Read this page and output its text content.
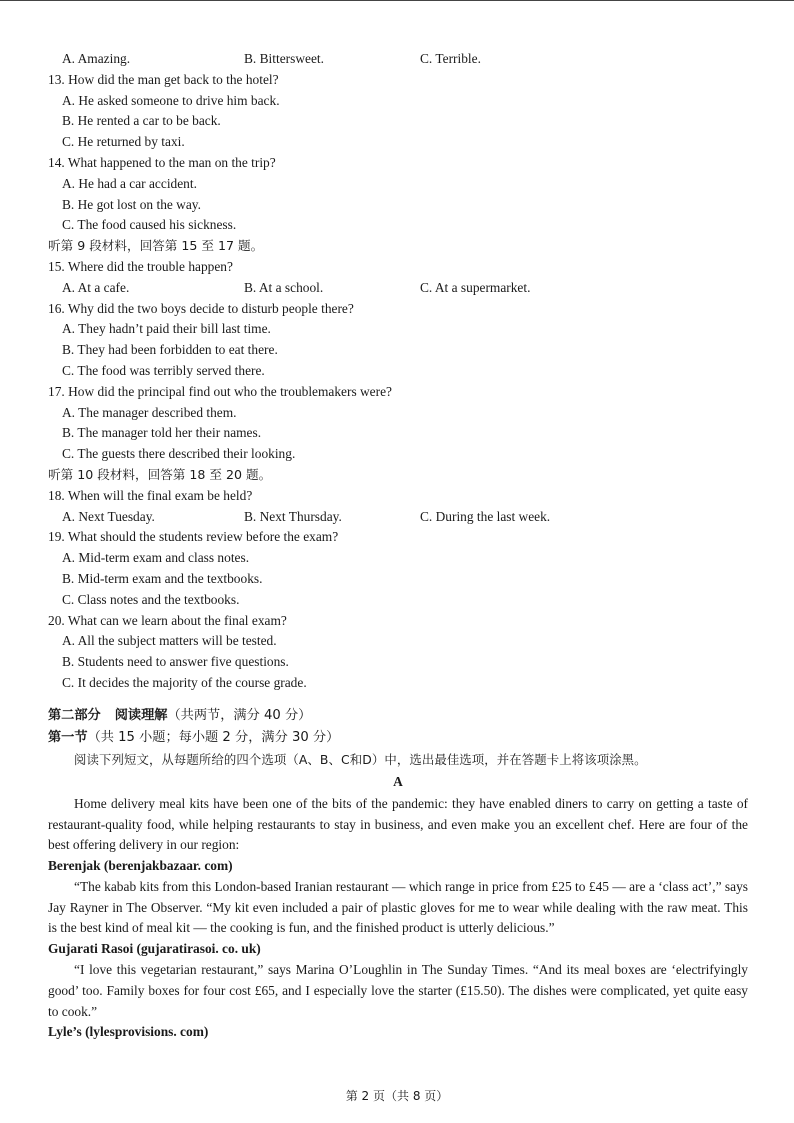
A. Amazing.	B. Bittersweet.	C. Terrible.
13. How did the man get back to the hotel?
A. He asked someone to drive him back.
B. He rented a car to be back.
C. He returned by taxi.
14. What happened to the man on the trip?
A. He had a car accident.
B. He got lost on the way.
C. The food caused his sickness.
听第 9 段材料，回答第 15 至 17 题。
15. Where did the trouble happen?
A. At a cafe.	B. At a school.	C. At a supermarket.
16. Why did the two boys decide to disturb people there?
A. They hadn’t paid their bill last time.
B. They had been forbidden to eat there.
C. The food was terribly served there.
17. How did the principal find out who the troublemakers were?
A. The manager described them.
B. The manager told her their names.
C. The guests there described their looking.
听第 10 段材料，回答第 18 至 20 题。
18. When will the final exam be held?
A. Next Tuesday.	B. Next Thursday.	C. During the last week.
19. What should the students review before the exam?
A. Mid-term exam and class notes.
B. Mid-term exam and the textbooks.
C. Class notes and the textbooks.
20. What can we learn about the final exam?
A. All the subject matters will be tested.
B. Students need to answer five questions.
C. It decides the majority of the course grade.
第二部分 阅读理解（共两节，满分 40 分）
第一节（共 15 小题；每小题 2 分，满分 30 分）
阅读下列短文，从每题所给的四个选项（A、B、C和D）中，选出最佳选项，并在答题卡上将该项涂黑。
A
Home delivery meal kits have been one of the bits of the pandemic: they have enabled diners to carry on getting a taste of restaurant-quality food, while helping restaurants to stay in business, and even make you an excellent chef. Here are four of the best offering delivery in our region:
Berenjak (berenjakbazaar. com)
“The kabab kits from this London-based Iranian restaurant — which range in price from £25 to £45 — are a ‘class act’,” says Jay Rayner in The Observer. “My kit even included a pair of plastic gloves for me to wear while dealing with the raw meat. This is the best kind of meal kit — the cooking is fun, and the finished product is utterly delicious.”
Gujarati Rasoi (gujaratirasoi. co. uk)
“I love this vegetarian restaurant,” says Marina O’Loughlin in The Sunday Times. “And its meal boxes are ‘electrifyingly good’ too. Family boxes for four cost £65, and I especially love the starter (£15.50). The dishes were complicated, yet quite easy to cook.”
Lyle’s (lylesprovisions. com)
第 2 页（共 8 页）
